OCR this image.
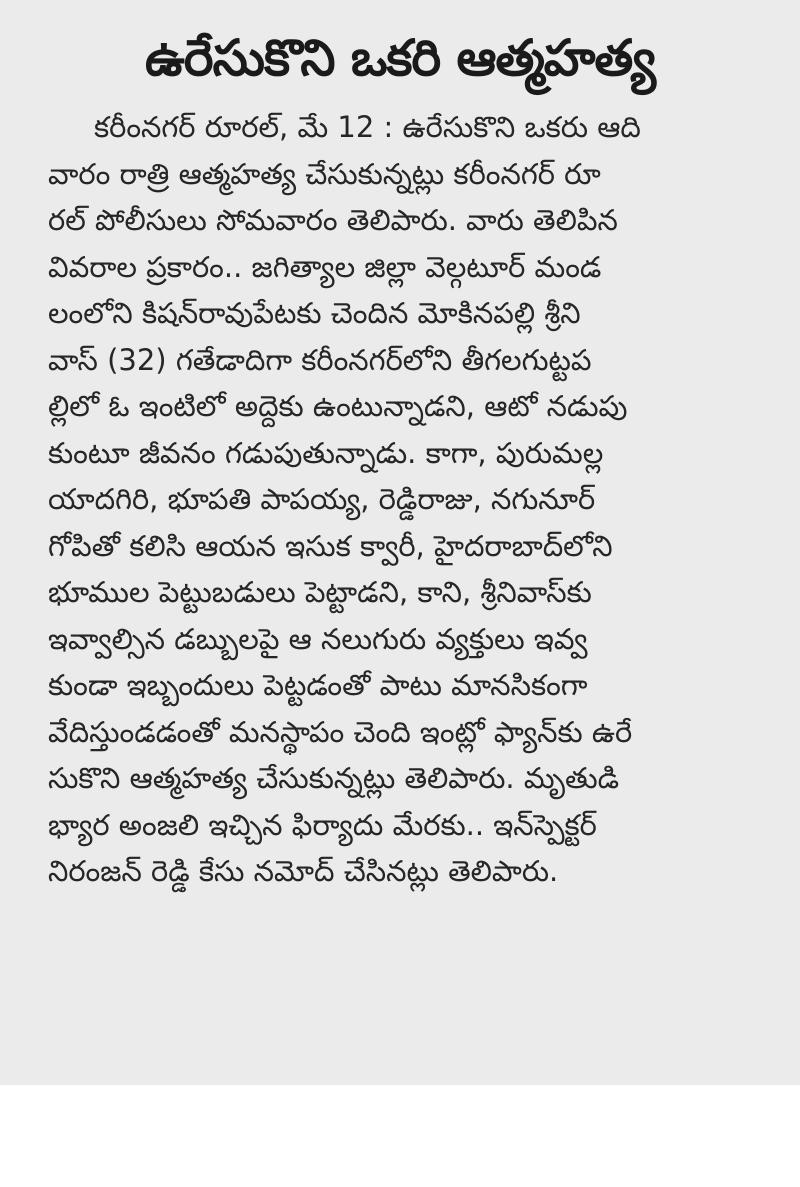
ఉరేసుకొని ఒకరి ఆత్మహత్య
కరీంనగర్ రూరల్, మే 12 : ఉరేసుకొని ఒకరు ఆది
వారం రాత్రి ఆత్మహత్య చేసుకున్నట్లు కరీంనగర్ రూ
రల్ పోలీసులు సోమవారం తెలిపారు. వారు తెలిపిన
వివరాల ప్రకారం.. జగిత్యాల జిల్లా వెల్గటూర్ మండ
లంలోని కిషన్‌రావుపేటకు చెందిన మోకినపల్లి శ్రీని
వాస్ (32) గతేడాదిగా కరీంనగర్‌లోని తీగలగుట్టప
ల్లిలో ఓ ఇంటిలో అద్దెకు ఉంటున్నాడని, ఆటో నడుపు
కుంటూ జీవనం గడుపుతున్నాడు. కాగా, పురుమల్ల
యాదగిరి, భూపతి పాపయ్య, రెడ్డిరాజు, నగునూర్
గోపితో కలిసి ఆయన ఇసుక క్వారీ, హైదరాబాద్‌లోని
భూముల పెట్టుబడులు పెట్టాడని, కాని, శ్రీనివాస్‌కు
ఇవ్వాల్సిన డబ్బులపై ఆ నలుగురు వ్యక్తులు ఇవ్వ
కుండా ఇబ్బందులు పెట్టడంతో పాటు మానసికంగా
వేదిస్తుండడంతో మనస్థాపం చెంది ఇంట్లో ఫ్యాన్‌కు ఉరే
సుకొని ఆత్మహత్య చేసుకున్నట్లు తెలిపారు. మృతుడి
భ్యార అంజలి ఇచ్చిన ఫిర్యాదు మేరకు.. ఇన్‌స్పెక్టర్
నిరంజన్ రెడ్డి కేసు నమోద్ చేసినట్లు తెలిపారు.
